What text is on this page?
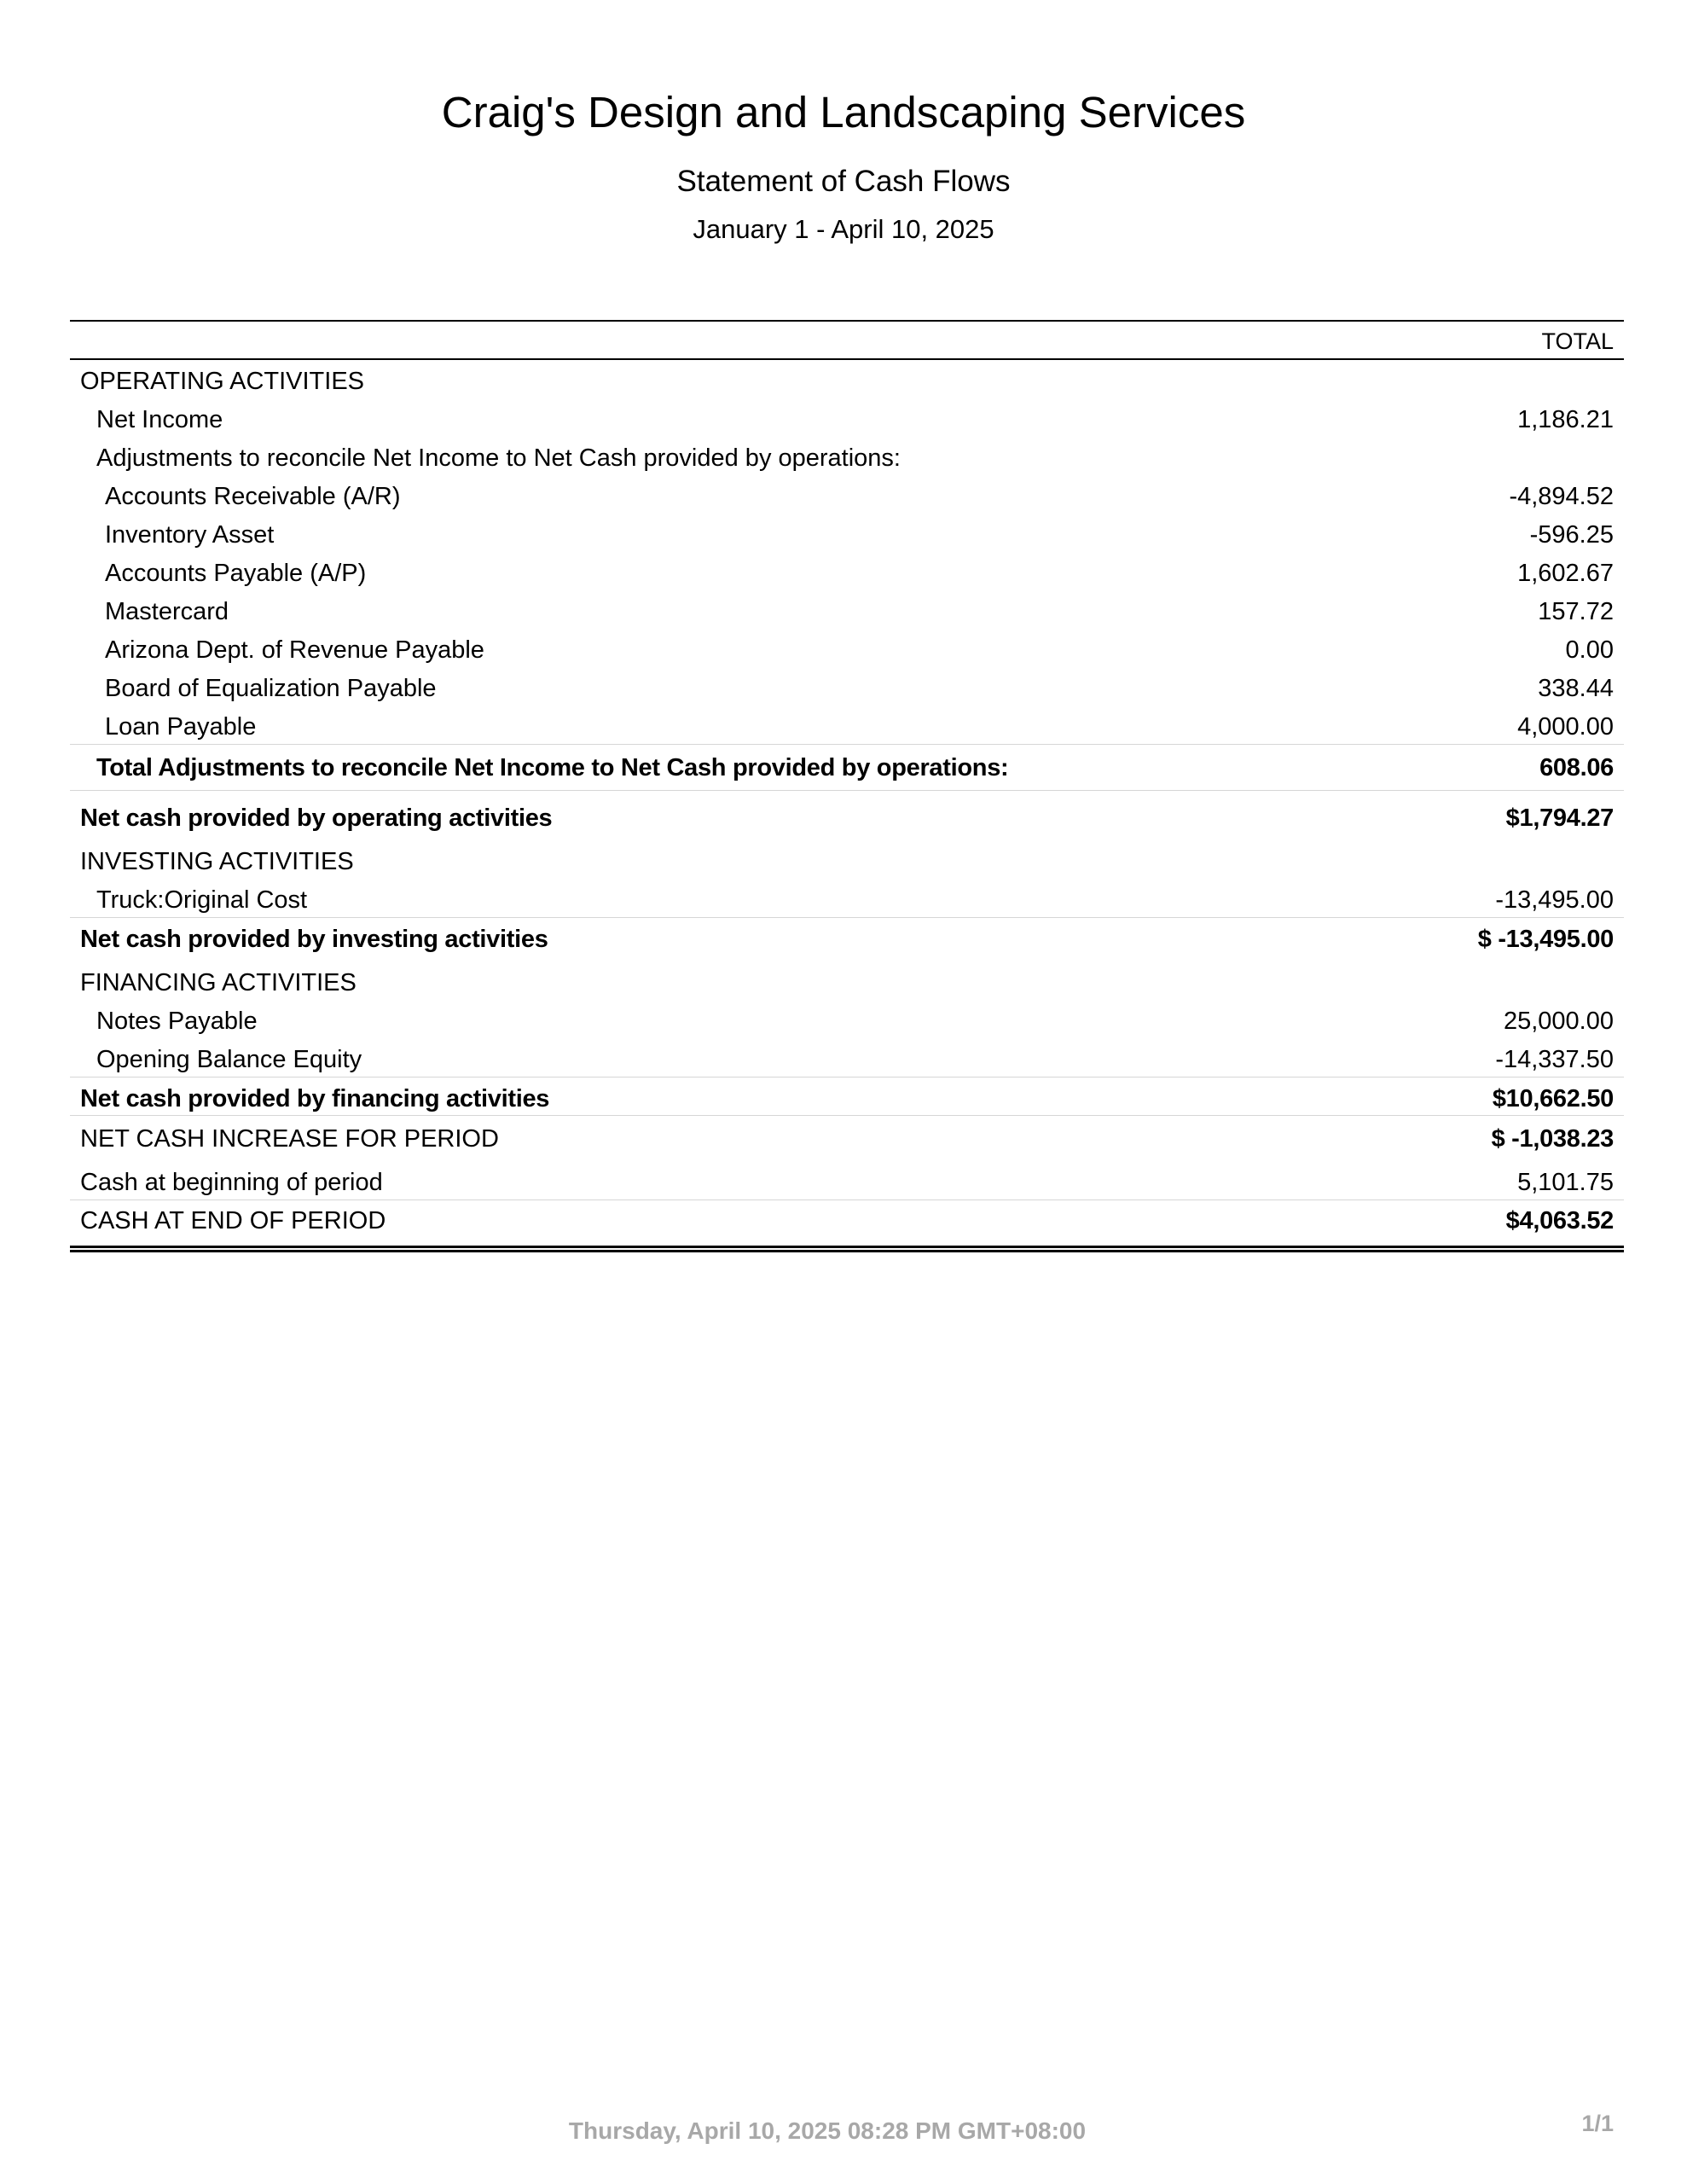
Craig's Design and Landscaping Services
Statement of Cash Flows
January 1 - April 10, 2025
TOTAL
OPERATING ACTIVITIES
Net Income	1,186.21
Adjustments to reconcile Net Income to Net Cash provided by operations:
Accounts Receivable (A/R)	-4,894.52
Inventory Asset	-596.25
Accounts Payable (A/P)	1,602.67
Mastercard	157.72
Arizona Dept. of Revenue Payable	0.00
Board of Equalization Payable	338.44
Loan Payable	4,000.00
Total Adjustments to reconcile Net Income to Net Cash provided by operations:	608.06
Net cash provided by operating activities	$1,794.27
INVESTING ACTIVITIES
Truck:Original Cost	-13,495.00
Net cash provided by investing activities	$ -13,495.00
FINANCING ACTIVITIES
Notes Payable	25,000.00
Opening Balance Equity	-14,337.50
Net cash provided by financing activities	$10,662.50
NET CASH INCREASE FOR PERIOD	$ -1,038.23
Cash at beginning of period	5,101.75
CASH AT END OF PERIOD	$4,063.52
Thursday, April 10, 2025 08:28 PM GMT+08:00	1/1
